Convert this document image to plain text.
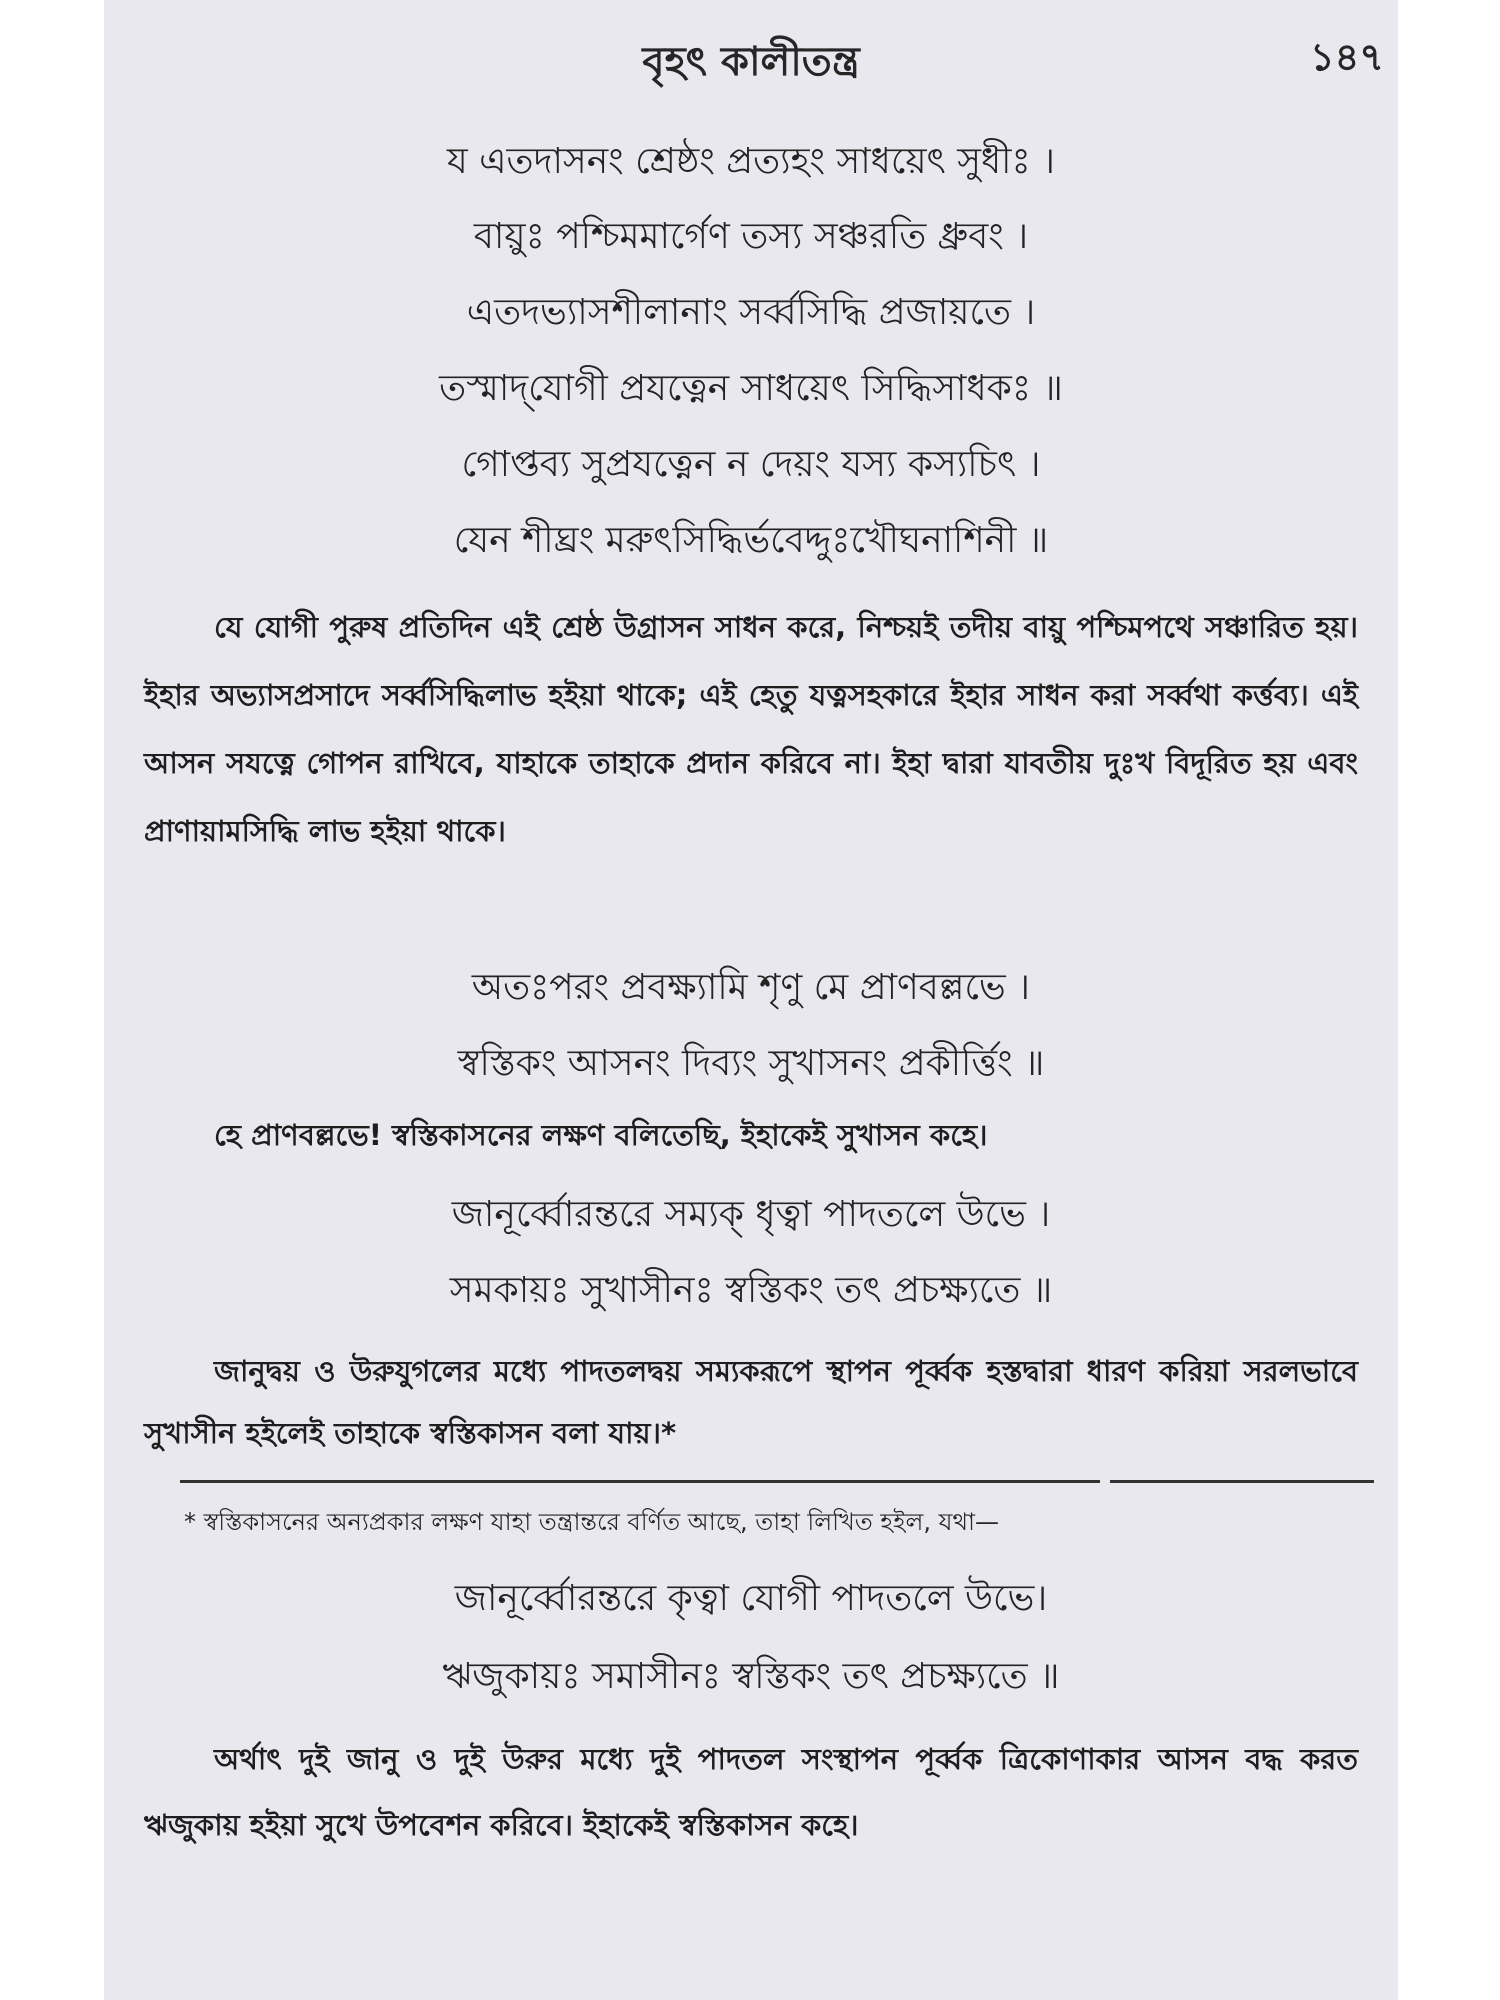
বৃহৎ কালীতন্ত্র	১৪৭
য এতদাসনং শ্রেষ্ঠং প্রত্যহং সাধয়েৎ সুধীঃ ।
বায়ুঃ পশ্চিমমার্গেণ তস্য সঞ্চরতি ধ্রুবং ।
এতদভ্যাসশীলানাং সর্ব্বসিদ্ধি প্রজায়তে ।
তস্মাদ্‌যোগী প্রযত্নেন সাধয়েৎ সিদ্ধিসাধকঃ ॥
গোপ্তব্য সুপ্রযত্নেন ন দেয়ং যস্য কস্যচিৎ ।
যেন শীঘ্রং মরুৎসিদ্ধির্ভবেদ্দুঃখৌঘনাশিনী ॥
যে যোগী পুরুষ প্রতিদিন এই শ্রেষ্ঠ উগ্রাসন সাধন করে, নিশ্চয়ই তদীয় বায়ু পশ্চিমপথে সঞ্চারিত হয়। ইহার অভ্যাসপ্রসাদে সর্ব্বসিদ্ধিলাভ হইয়া থাকে; এই হেতু যত্নসহকারে ইহার সাধন করা সর্ব্বথা কর্ত্তব্য। এই আসন সযত্নে গোপন রাখিবে, যাহাকে তাহাকে প্রদান করিবে না। ইহা দ্বারা যাবতীয় দুঃখ বিদূরিত হয় এবং প্রাণায়ামসিদ্ধি লাভ হইয়া থাকে।
অতঃপরং প্রবক্ষ্যামি শৃণু মে প্রাণবল্লভে ।
স্বস্তিকং আসনং দিব্যং সুখাসনং প্রকীর্ত্তিং ॥
হে প্রাণবল্লভে! স্বস্তিকাসনের লক্ষণ বলিতেছি, ইহাকেই সুখাসন কহে।
জানূর্ব্বোরন্তরে সম্যক্‌ ধৃত্বা পাদতলে উভে ।
সমকায়ঃ সুখাসীনঃ স্বস্তিকং তৎ প্রচক্ষ্যতে ॥
জানুদ্বয় ও উরুযুগলের মধ্যে পাদতলদ্বয় সম্যকরূপে স্থাপন পূর্ব্বক হস্তদ্বারা ধারণ করিয়া সরলভাবে সুখাসীন হইলেই তাহাকে স্বস্তিকাসন বলা যায়।*
* স্বস্তিকাসনের অন্যপ্রকার লক্ষণ যাহা তন্ত্রান্তরে বর্ণিত আছে, তাহা লিখিত হইল, যথা—
জানূর্ব্বোরন্তরে কৃত্বা যোগী পাদতলে উভে।
ঋজুকায়ঃ সমাসীনঃ স্বস্তিকং তৎ প্রচক্ষ্যতে ॥
অর্থাৎ দুই জানু ও দুই উরুর মধ্যে দুই পাদতল সংস্থাপন পূর্ব্বক ত্রিকোণাকার আসন বদ্ধ করত ঋজুকায় হইয়া সুখে উপবেশন করিবে। ইহাকেই স্বস্তিকাসন কহে।
